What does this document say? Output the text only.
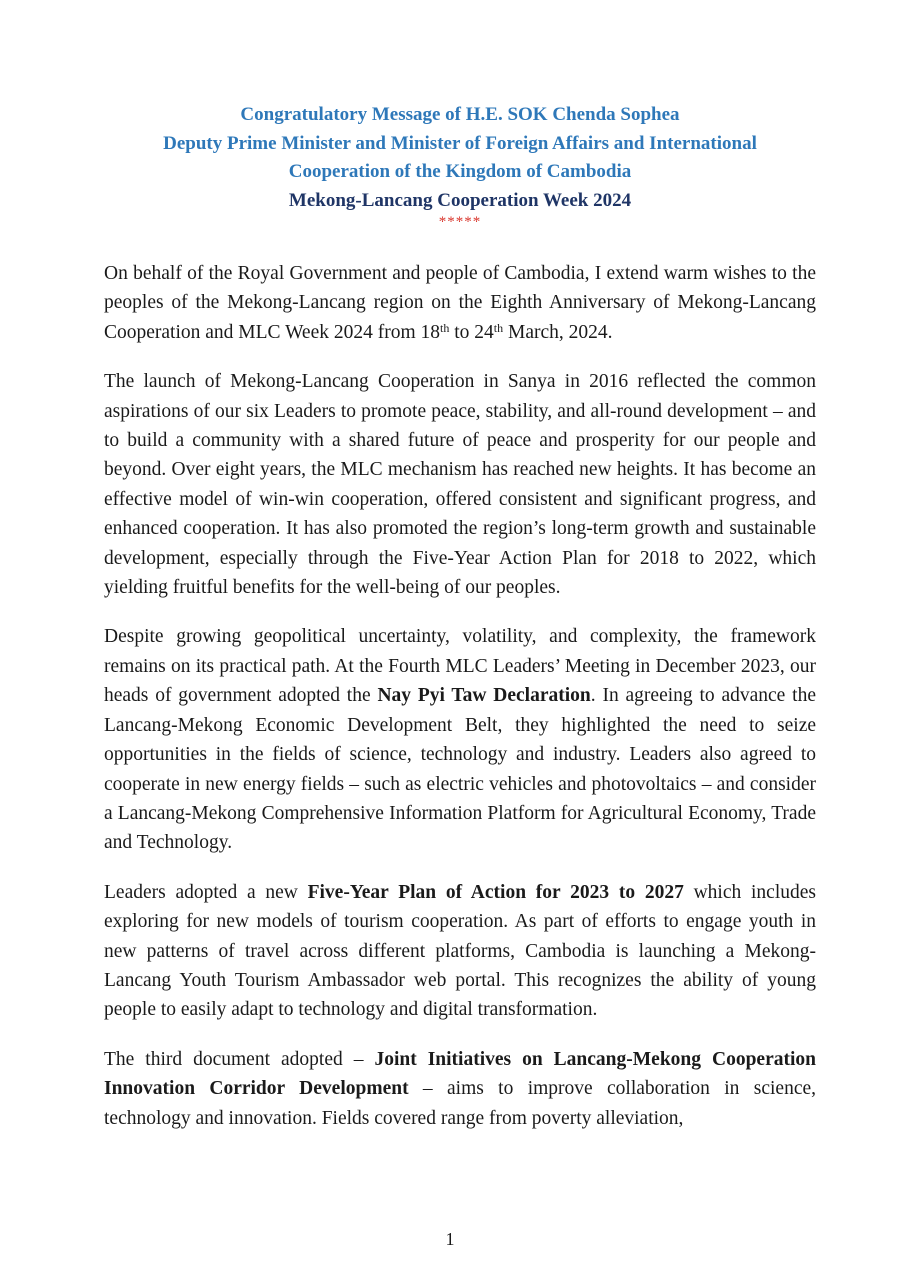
Congratulatory Message of H.E. SOK Chenda Sophea
Deputy Prime Minister and Minister of Foreign Affairs and International
Cooperation of the Kingdom of Cambodia
Mekong-Lancang Cooperation Week 2024
*****

On behalf of the Royal Government and people of Cambodia, I extend warm wishes to the peoples of the Mekong-Lancang region on the Eighth Anniversary of Mekong-Lancang Cooperation and MLC Week 2024 from 18th to 24th March, 2024.

The launch of Mekong-Lancang Cooperation in Sanya in 2016 reflected the common aspirations of our six Leaders to promote peace, stability, and all-round development – and to build a community with a shared future of peace and prosperity for our people and beyond. Over eight years, the MLC mechanism has reached new heights. It has become an effective model of win-win cooperation, offered consistent and significant progress, and enhanced cooperation. It has also promoted the region’s long-term growth and sustainable development, especially through the Five-Year Action Plan for 2018 to 2022, which yielding fruitful benefits for the well-being of our peoples.

Despite growing geopolitical uncertainty, volatility, and complexity, the framework remains on its practical path. At the Fourth MLC Leaders’ Meeting in December 2023, our heads of government adopted the Nay Pyi Taw Declaration. In agreeing to advance the Lancang-Mekong Economic Development Belt, they highlighted the need to seize opportunities in the fields of science, technology and industry. Leaders also agreed to cooperate in new energy fields – such as electric vehicles and photovoltaics – and consider a Lancang-Mekong Comprehensive Information Platform for Agricultural Economy, Trade and Technology.

Leaders adopted a new Five-Year Plan of Action for 2023 to 2027 which includes exploring for new models of tourism cooperation. As part of efforts to engage youth in new patterns of travel across different platforms, Cambodia is launching a Mekong-Lancang Youth Tourism Ambassador web portal. This recognizes the ability of young people to easily adapt to technology and digital transformation.

The third document adopted – Joint Initiatives on Lancang-Mekong Cooperation Innovation Corridor Development – aims to improve collaboration in science, technology and innovation. Fields covered range from poverty alleviation,

1
